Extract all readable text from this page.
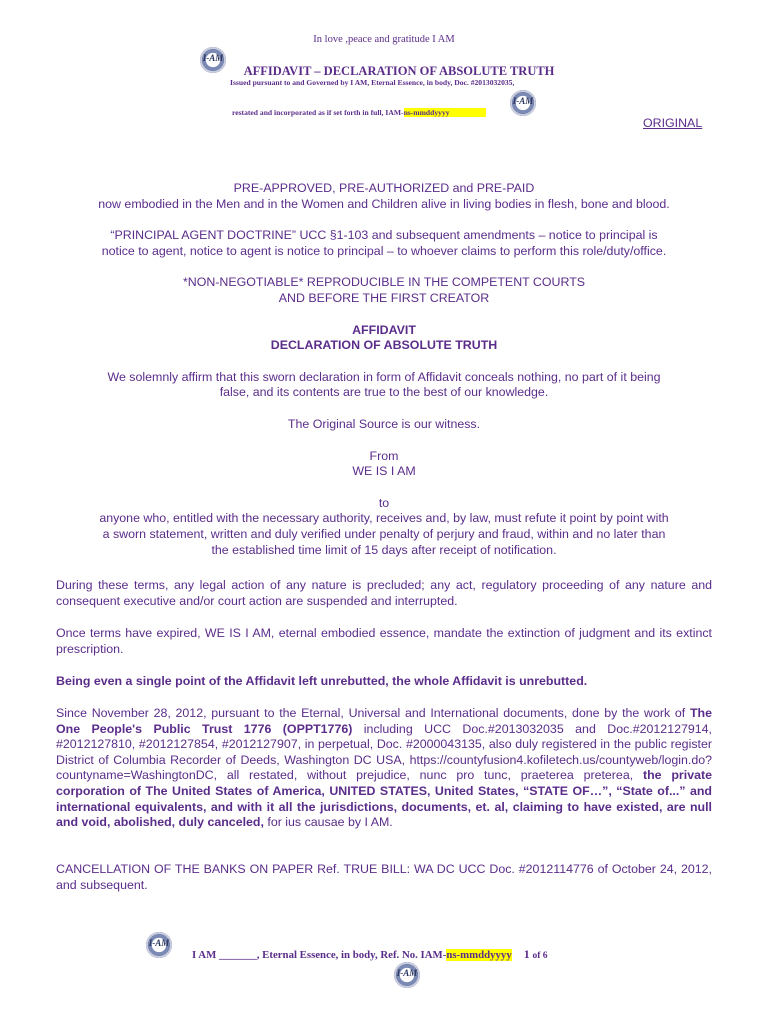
In love ,peace and gratitude I AM
I-AM
AFFIDAVIT – DECLARATION OF ABSOLUTE TRUTH
Issued pursuant to and Governed by I AM, Eternal Essence, in body, Doc. #2013032035,
restated and incorporated as if set forth in full, IAM-ns-mmddyyyy
I-AM
ORIGINAL
PRE-APPROVED, PRE-AUTHORIZED and PRE-PAID
now embodied in the Men and in the Women and Children alive in living bodies in flesh, bone and blood.
“PRINCIPAL AGENT DOCTRINE” UCC §1-103 and subsequent amendments – notice to principal is
notice to agent, notice to agent is notice to principal – to whoever claims to perform this role/duty/office.
*NON-NEGOTIABLE* REPRODUCIBLE IN THE COMPETENT COURTS
AND BEFORE THE FIRST CREATOR
AFFIDAVIT
DECLARATION OF ABSOLUTE TRUTH
We solemnly affirm that this sworn declaration in form of Affidavit conceals nothing, no part of it being
false, and its contents are true to the best of our knowledge.
The Original Source is our witness.
From
WE IS I AM
to
anyone who, entitled with the necessary authority, receives and, by law, must refute it point by point with
a sworn statement, written and duly verified under penalty of perjury and fraud, within and no later than
the established time limit of 15 days after receipt of notification.
During these terms, any legal action of any nature is precluded; any act, regulatory proceeding of any nature and consequent executive and/or court action are suspended and interrupted.
Once terms have expired, WE IS I AM, eternal embodied essence, mandate the extinction of judgment and its extinct prescription.
Being even a single point of the Affidavit left unrebutted, the whole Affidavit is unrebutted.
Since November 28, 2012, pursuant to the Eternal, Universal and International documents, done by the work of The One People's Public Trust 1776 (OPPT1776) including UCC Doc.#2013032035 and Doc.#2012127914, #2012127810, #2012127854, #2012127907, in perpetual, Doc. #2000043135, also duly registered in the public register District of Columbia Recorder of Deeds, Washington DC USA, https://countyfusion4.kofiletech.us/countyweb/login.do?countyname=WashingtonDC, all restated, without prejudice, nunc pro tunc, praeterea preterea, the private corporation of The United States of America, UNITED STATES, United States, “STATE OF…”, “State of...” and international equivalents, and with it all the jurisdictions, documents, et. al, claiming to have existed, are null and void, abolished, duly canceled, for ius causae by I AM.
CANCELLATION OF THE BANKS ON PAPER Ref. TRUE BILL: WA DC UCC Doc. #2012114776 of October 24, 2012, and subsequent.
I-AM
I AM _______, Eternal Essence, in body, Ref. No. IAM-ns-mmddyyyy 1 of 6
I-AM
